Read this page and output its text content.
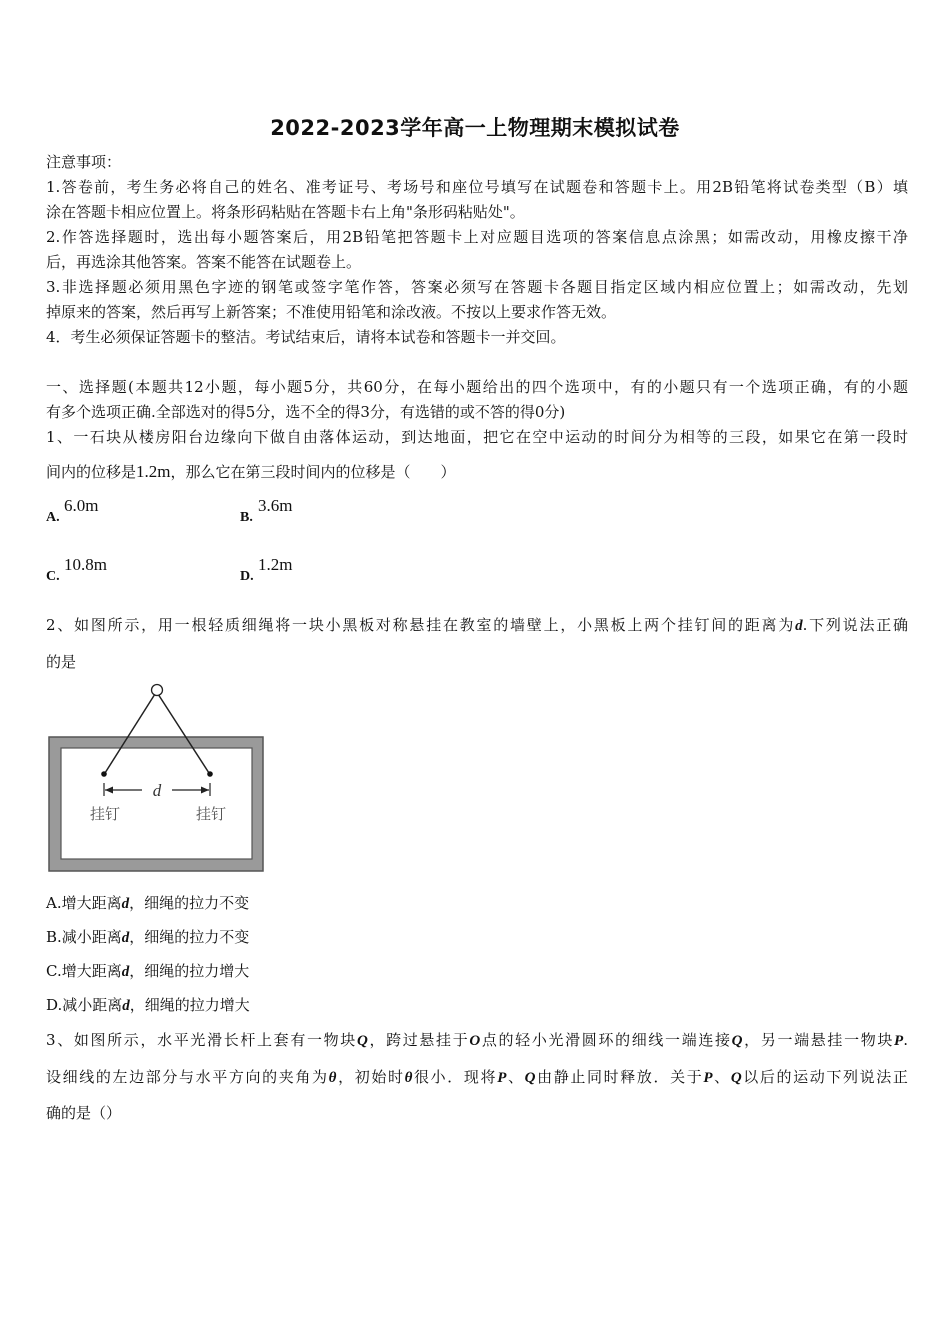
2022-2023学年高一上物理期末模拟试卷
注意事项：
1.答卷前，考生务必将自己的姓名、准考证号、考场号和座位号填写在试题卷和答题卡上。用2B铅笔将试卷类型（B）填
涂在答题卡相应位置上。将条形码粘贴在答题卡右上角"条形码粘贴处"。
2.作答选择题时，选出每小题答案后，用2B铅笔把答题卡上对应题目选项的答案信息点涂黑；如需改动，用橡皮擦干净
后，再选涂其他答案。答案不能答在试题卷上。
3.非选择题必须用黑色字迹的钢笔或签字笔作答，答案必须写在答题卡各题目指定区域内相应位置上；如需改动，先划
掉原来的答案，然后再写上新答案；不准使用铅笔和涂改液。不按以上要求作答无效。
4．考生必须保证答题卡的整洁。考试结束后，请将本试卷和答题卡一并交回。
一、选择题(本题共12小题，每小题5分，共60分，在每小题给出的四个选项中，有的小题只有一个选项正确，有的小题
有多个选项正确.全部选对的得5分，选不全的得3分，有选错的或不答的得0分)
1、一石块从楼房阳台边缘向下做自由落体运动，到达地面，把它在空中运动的时间分为相等的三段，如果它在第一段时
间内的位移是1.2m，那么它在第三段时间内的位移是（　　）
A.
6.0m
B.
3.6m
C.
10.8m
D.
1.2m
2、如图所示，用一根轻质细绳将一块小黑板对称悬挂在教室的墙壁上，小黑板上两个挂钉间的距离为d.下列说法正确
的是
d
挂钉	挂钉
A.增大距离d，细绳的拉力不变
B.减小距离d，细绳的拉力不变
C.增大距离d，细绳的拉力增大
D.减小距离d，细绳的拉力增大
3、如图所示，水平光滑长杆上套有一物块Q，跨过悬挂于O点的轻小光滑圆环的细线一端连接Q，另一端悬挂一物块P.
设细线的左边部分与水平方向的夹角为θ，初始时θ很小．现将P、Q由静止同时释放．关于P、Q以后的运动下列说法正
确的是（）
